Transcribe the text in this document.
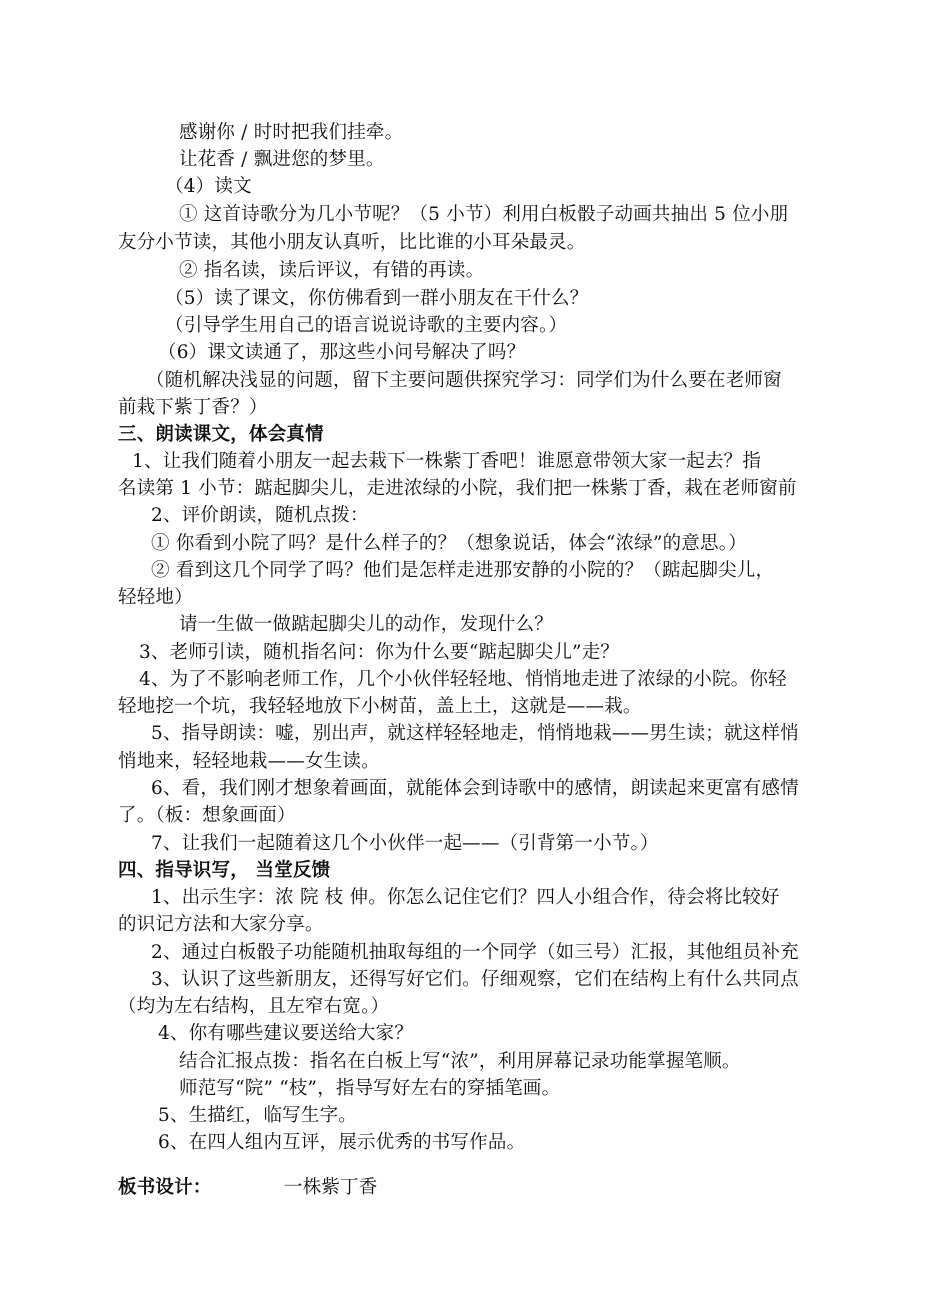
感谢你 / 时时把我们挂牵。
让花香 / 飘进您的梦里。
（4）读文
① 这首诗歌分为几小节呢？（5 小节）利用白板骰子动画共抽出 5 位小朋
友分小节读，其他小朋友认真听，比比谁的小耳朵最灵。
② 指名读，读后评议，有错的再读。
（5）读了课文，你仿佛看到一群小朋友在干什么？
（引导学生用自己的语言说说诗歌的主要内容。）
（6）课文读通了，那这些小问号解决了吗？
（随机解决浅显的问题，留下主要问题供探究学习：同学们为什么要在老师窗
前栽下紫丁香？）
三、朗读课文，体会真情
1、让我们随着小朋友一起去栽下一株紫丁香吧！谁愿意带领大家一起去？指
名读第 1 小节：踮起脚尖儿，走进浓绿的小院，我们把一株紫丁香，栽在老师窗前
2、评价朗读，随机点拨：
① 你看到小院了吗？是什么样子的？（想象说话，体会“浓绿”的意思。）
② 看到这几个同学了吗？他们是怎样走进那安静的小院的？（踮起脚尖儿，
轻轻地）
请一生做一做踮起脚尖儿的动作，发现什么？
3、老师引读，随机指名问：你为什么要“踮起脚尖儿”走？
4、为了不影响老师工作，几个小伙伴轻轻地、悄悄地走进了浓绿的小院。你轻
轻地挖一个坑，我轻轻地放下小树苗，盖上土，这就是——栽。
5、指导朗读：嘘，别出声，就这样轻轻地走，悄悄地栽——男生读；就这样悄
悄地来，轻轻地栽——女生读。
6、看，我们刚才想象着画面，就能体会到诗歌中的感情，朗读起来更富有感情
了。（板：想象画面）
7、让我们一起随着这几个小伙伴一起——（引背第一小节。）
四、指导识写， 当堂反馈
1、出示生字：浓 院 枝 伸。你怎么记住它们？四人小组合作，待会将比较好
的识记方法和大家分享。
2、通过白板骰子功能随机抽取每组的一个同学（如三号）汇报，其他组员补充
3、认识了这些新朋友，还得写好它们。仔细观察，它们在结构上有什么共同点
（均为左右结构，且左窄右宽。）
4、你有哪些建议要送给大家？
结合汇报点拨：指名在白板上写“浓”，利用屏幕记录功能掌握笔顺。
师范写“院” “枝”，指导写好左右的穿插笔画。
5、生描红，临写生字。
6、在四人组内互评，展示优秀的书写作品。
板书设计：	一株紫丁香
